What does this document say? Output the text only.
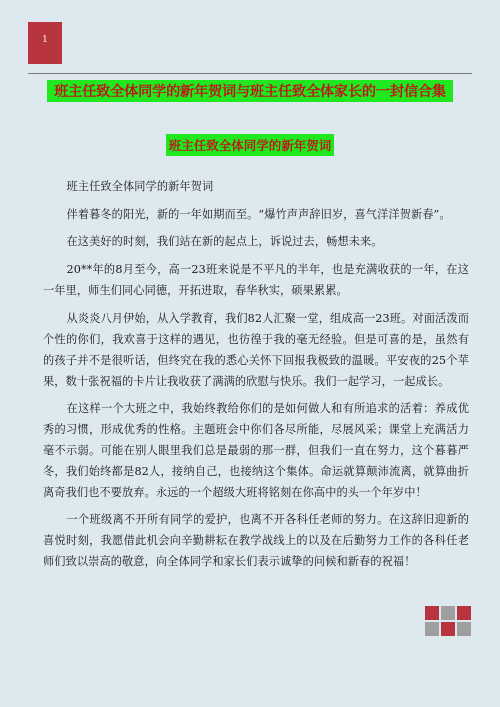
1
班主任致全体同学的新年贺词与班主任致全体家长的一封信合集
班主任致全体同学的新年贺词

班主任致全体同学的新年贺词

伴着暮冬的阳光，新的一年如期而至。“爆竹声声辞旧岁，喜气洋洋贺新春”。

在这美好的时刻，我们站在新的起点上，诉说过去，畅想未来。

20**年的8月至今，高一23班来说是不平凡的半年，也是充满收获的一年，在这一年里，师生们同心同德，开拓进取，春华秋实，硕果累累。

从炎炎八月伊始，从入学教育，我们82人汇聚一堂，组成高一23班。对面活泼而个性的你们，我欢喜于这样的遇见，也彷徨于我的毫无经验。但是可喜的是，虽然有的孩子并不是很听话，但终究在我的悉心关怀下回报我极致的温暖。平安夜的25个苹果，数十张祝福的卡片让我收获了满满的欣慰与快乐。我们一起学习，一起成长。

在这样一个大班之中，我始终教给你们的是如何做人和有所追求的活着：养成优秀的习惯，形成优秀的性格。主题班会中你们各尽所能，尽展风采；课堂上充满活力毫不示弱。可能在别人眼里我们总是最弱的那一群，但我们一直在努力，这个暮暮严冬，我们始终都是82人，接纳自己，也接纳这个集体。命运就算颠沛流离，就算曲折离奇我们也不要放弃。永远的一个超级大班将铭刻在你高中的头一个年岁中！

一个班级离不开所有同学的爱护，也离不开各科任老师的努力。在这辞旧迎新的喜悦时刻，我愿借此机会向辛勤耕耘在教学战线上的以及在后勤努力工作的各科任老师们致以崇高的敬意，向全体同学和家长们表示诚挚的问候和新春的祝福！
